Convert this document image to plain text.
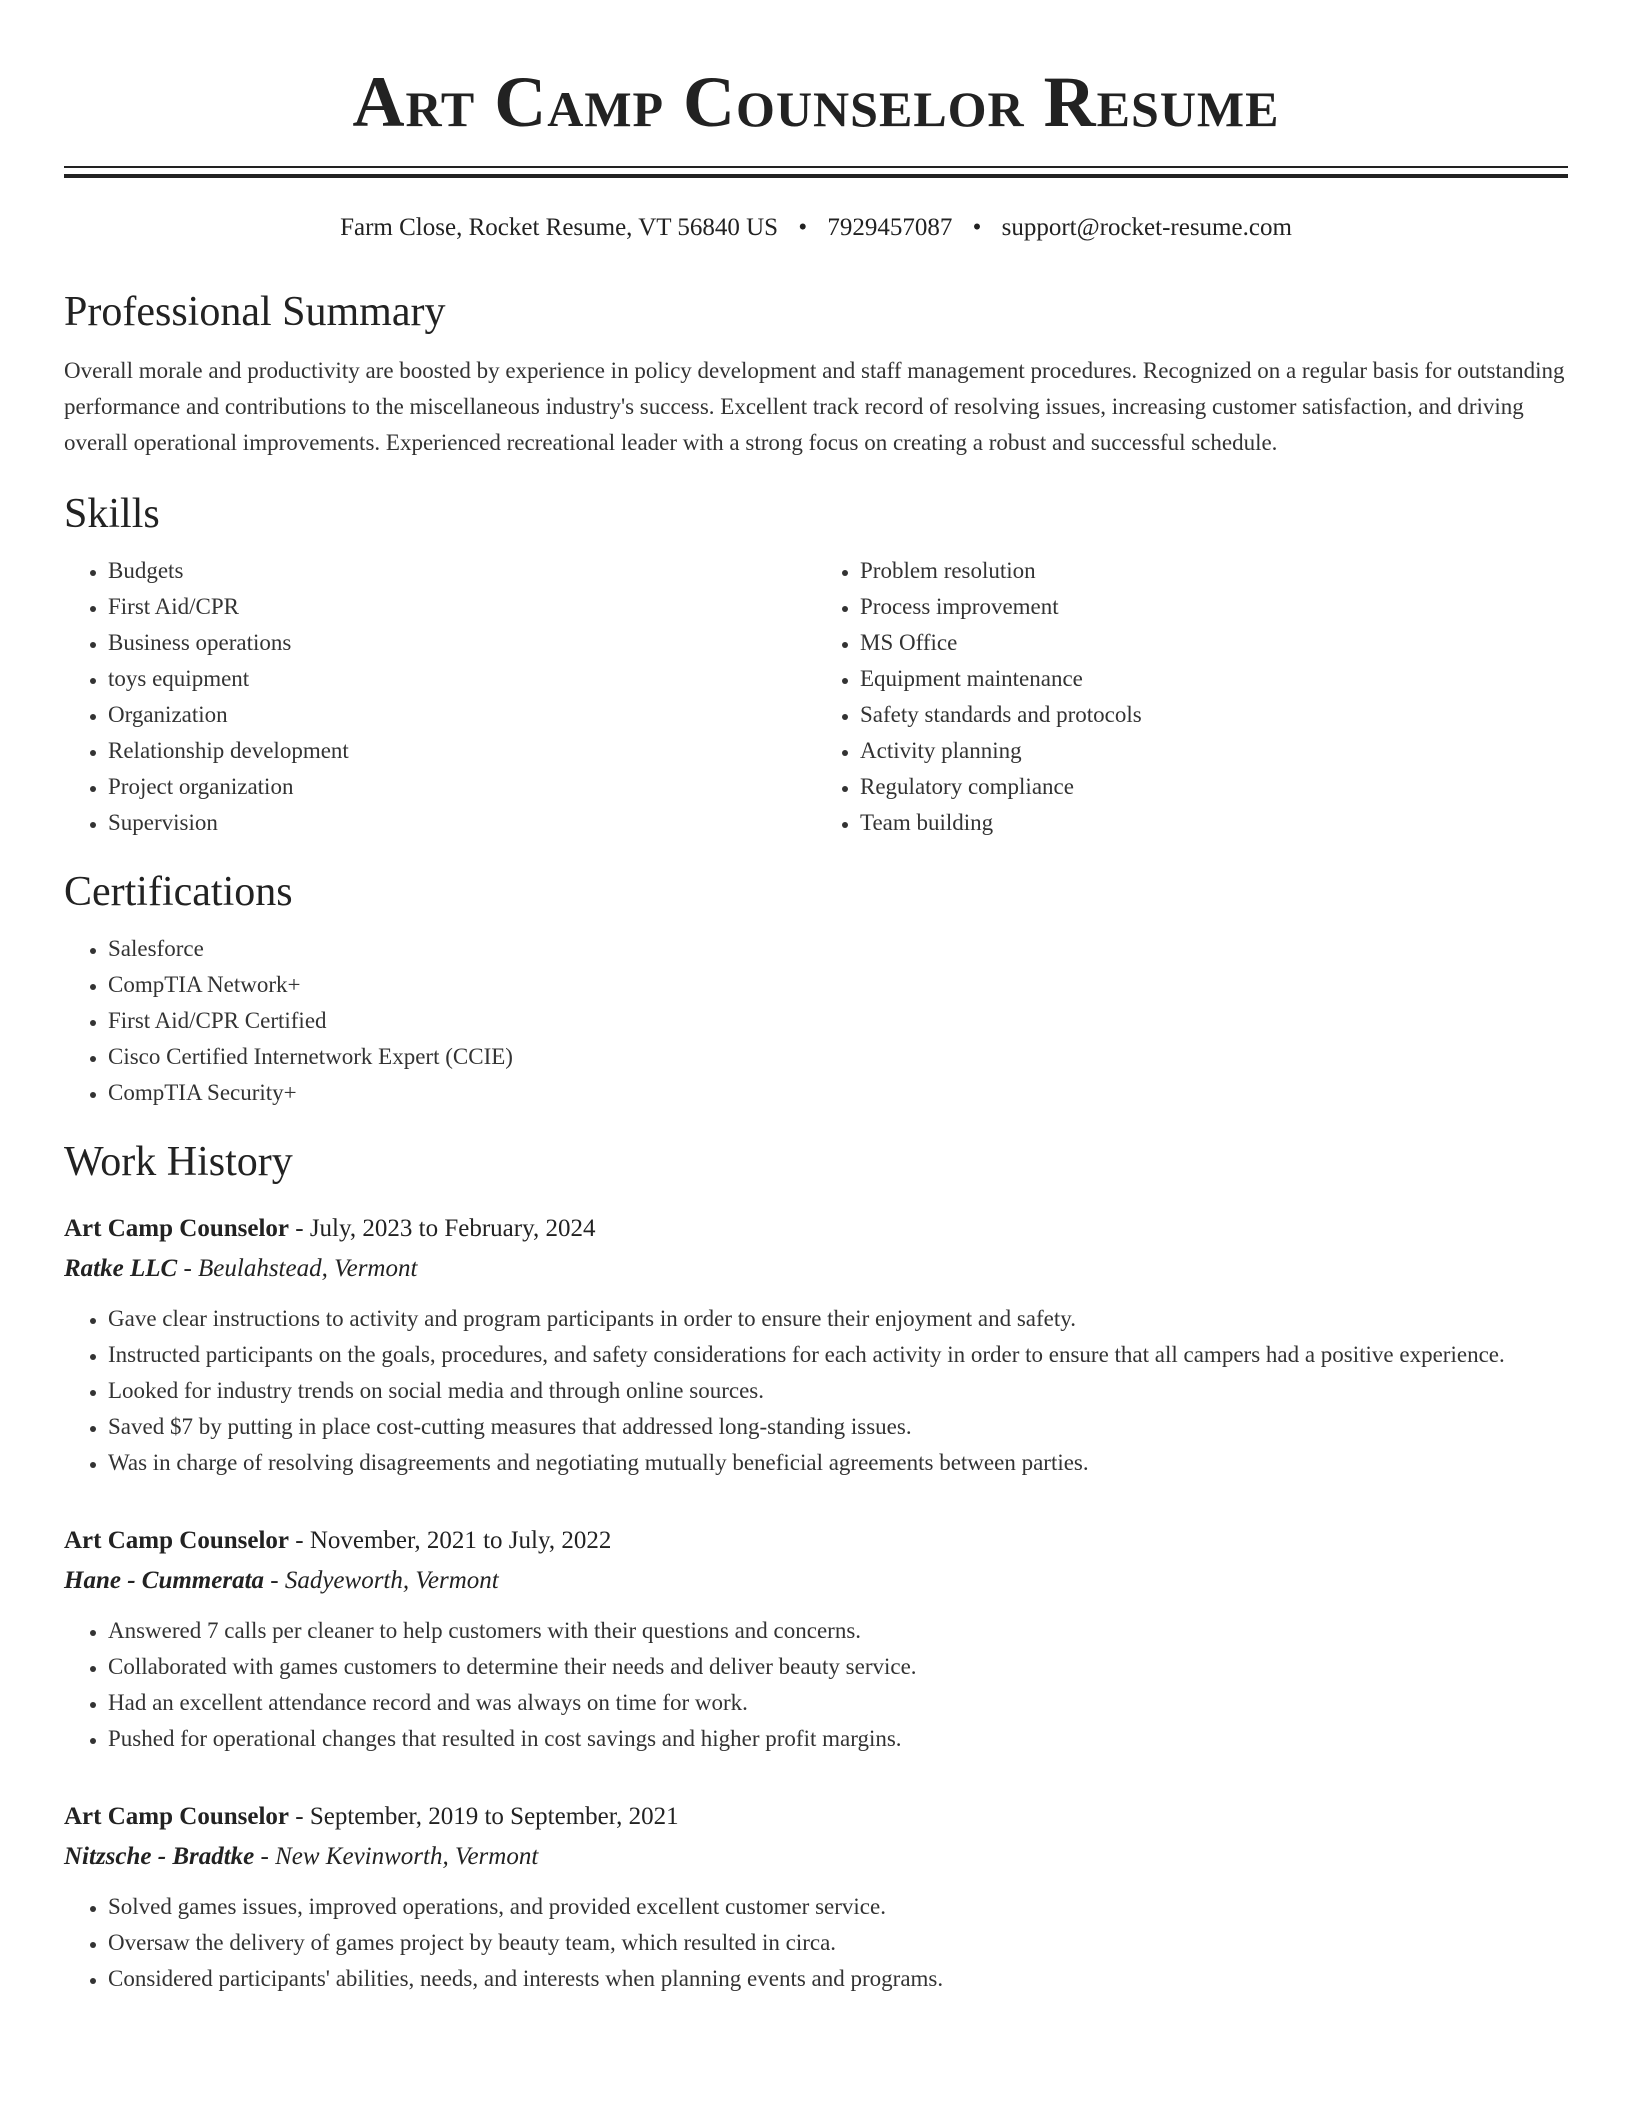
Art Camp Counselor Resume
Farm Close, Rocket Resume, VT 56840 US • 7929457087 • support@rocket-resume.com
Professional Summary

Overall morale and productivity are boosted by experience in policy development and staff management procedures. Recognized on a regular basis for outstanding performance and contributions to the miscellaneous industry's success. Excellent track record of resolving issues, increasing customer satisfaction, and driving overall operational improvements. Experienced recreational leader with a strong focus on creating a robust and successful schedule.

Skills
• Budgets
• First Aid/CPR
• Business operations
• toys equipment
• Organization
• Relationship development
• Project organization
• Supervision
• Problem resolution
• Process improvement
• MS Office
• Equipment maintenance
• Safety standards and protocols
• Activity planning
• Regulatory compliance
• Team building
Certifications
• Salesforce
• CompTIA Network+
• First Aid/CPR Certified
• Cisco Certified Internetwork Expert (CCIE)
• CompTIA Security+
Work History
Art Camp Counselor - July, 2023 to February, 2024
Ratke LLC - Beulahstead, Vermont
• Gave clear instructions to activity and program participants in order to ensure their enjoyment and safety.
• Instructed participants on the goals, procedures, and safety considerations for each activity in order to ensure that all campers had a positive experience.
• Looked for industry trends on social media and through online sources.
• Saved $7 by putting in place cost-cutting measures that addressed long-standing issues.
• Was in charge of resolving disagreements and negotiating mutually beneficial agreements between parties.
Art Camp Counselor - November, 2021 to July, 2022
Hane - Cummerata - Sadyeworth, Vermont
• Answered 7 calls per cleaner to help customers with their questions and concerns.
• Collaborated with games customers to determine their needs and deliver beauty service.
• Had an excellent attendance record and was always on time for work.
• Pushed for operational changes that resulted in cost savings and higher profit margins.
Art Camp Counselor - September, 2019 to September, 2021
Nitzsche - Bradtke - New Kevinworth, Vermont
• Solved games issues, improved operations, and provided excellent customer service.
• Oversaw the delivery of games project by beauty team, which resulted in circa.
• Considered participants' abilities, needs, and interests when planning events and programs.
